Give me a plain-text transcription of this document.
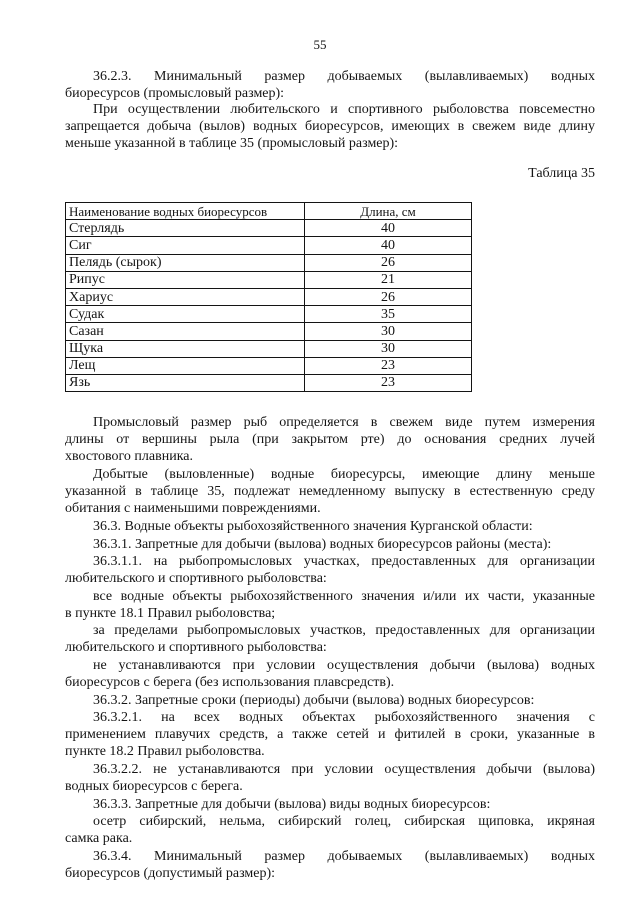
55
36.2.3. Минимальный размер добываемых (вылавливаемых) водных
биоресурсов (промысловый размер):
При осуществлении любительского и спортивного рыболовства повсеместно
запрещается добыча (вылов) водных биоресурсов, имеющих в свежем виде длину
меньше указанной в таблице 35 (промысловый размер):
Таблица 35
Наименование водных биоресурсов	Длина, см
Стерлядь	40
Сиг	40
Пелядь (сырок)	26
Рипус	21
Хариус	26
Судак	35
Сазан	30
Щука	30
Лещ	23
Язь	23
Промысловый размер рыб определяется в свежем виде путем измерения
длины от вершины рыла (при закрытом рте) до основания средних лучей
хвостового плавника.
Добытые (выловленные) водные биоресурсы, имеющие длину меньше
указанной в таблице 35, подлежат немедленному выпуску в естественную среду
обитания с наименьшими повреждениями.
36.3. Водные объекты рыбохозяйственного значения Курганской области:
36.3.1. Запретные для добычи (вылова) водных биоресурсов районы (места):
36.3.1.1. на рыбопромысловых участках, предоставленных для организации
любительского и спортивного рыболовства:
все водные объекты рыбохозяйственного значения и/или их части, указанные
в пункте 18.1 Правил рыболовства;
за пределами рыбопромысловых участков, предоставленных для организации
любительского и спортивного рыболовства:
не устанавливаются при условии осуществления добычи (вылова) водных
биоресурсов с берега (без использования плавсредств).
36.3.2. Запретные сроки (периоды) добычи (вылова) водных биоресурсов:
36.3.2.1. на всех водных объектах рыбохозяйственного значения с
применением плавучих средств, а также сетей и фитилей в сроки, указанные в
пункте 18.2 Правил рыболовства.
36.3.2.2. не устанавливаются при условии осуществления добычи (вылова)
водных биоресурсов с берега.
36.3.3. Запретные для добычи (вылова) виды водных биоресурсов:
осетр сибирский, нельма, сибирский голец, сибирская щиповка, икряная
самка рака.
36.3.4. Минимальный размер добываемых (вылавливаемых) водных
биоресурсов (допустимый размер):
